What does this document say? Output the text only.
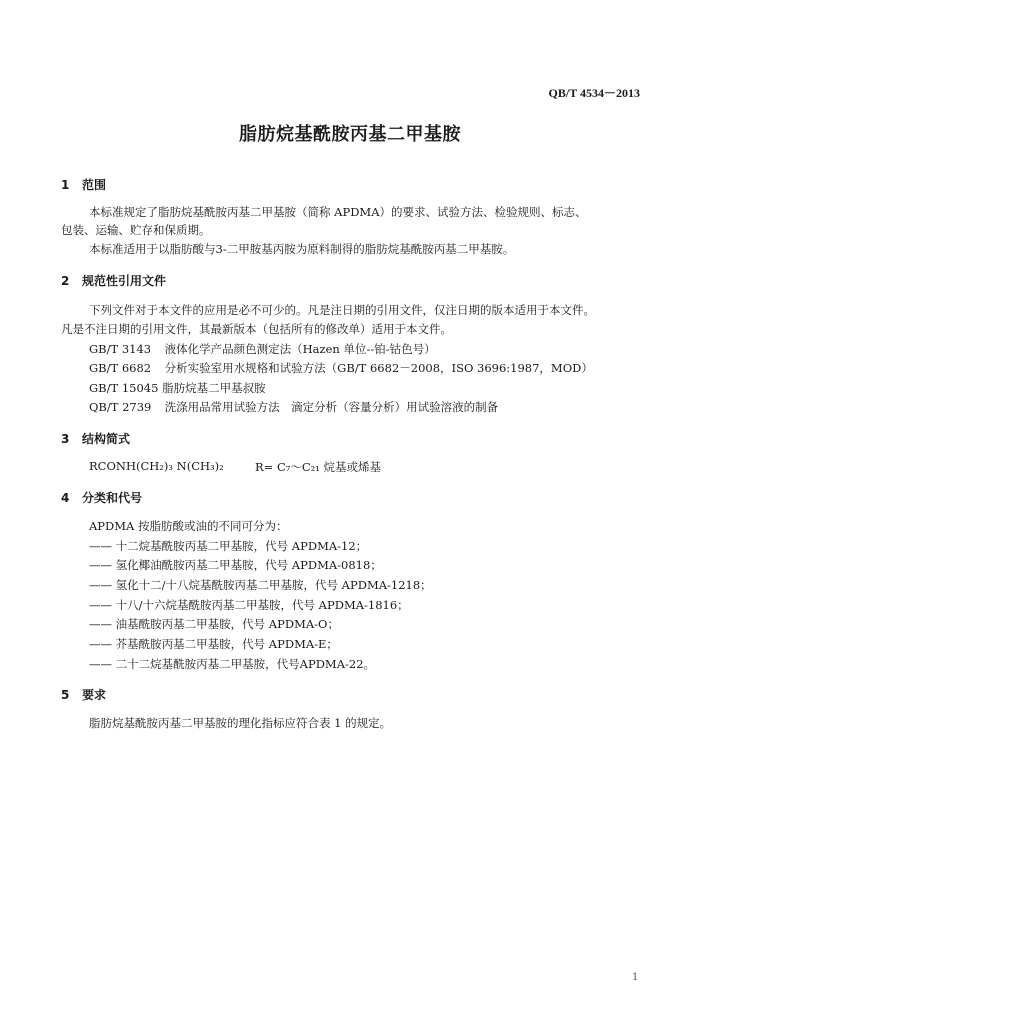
QB/T 4534－2013
脂肪烷基酰胺丙基二甲基胺
1 范围
本标准规定了脂肪烷基酰胺丙基二甲基胺（简称 APDMA）的要求、试验方法、检验规则、标志、
包装、运输、贮存和保质期。
本标准适用于以脂肪酸与3-二甲胺基丙胺为原料制得的脂肪烷基酰胺丙基二甲基胺。
2 规范性引用文件
下列文件对于本文件的应用是必不可少的。凡是注日期的引用文件，仅注日期的版本适用于本文件。
凡是不注日期的引用文件，其最新版本（包括所有的修改单）适用于本文件。
GB/T 3143 液体化学产品颜色测定法（Hazen 单位--铂-钴色号）
GB/T 6682 分析实验室用水规格和试验方法（GB/T 6682－2008，ISO 3696:1987，MOD）
GB/T 15045 脂肪烷基二甲基叔胺
QB/T 2739 洗涤用品常用试验方法　滴定分析（容量分析）用试验溶液的制备
3 结构简式
RCONH(CH₂)₃ N(CH₃)₂	R= C₇～C₂₁ 烷基或烯基
4 分类和代号
APDMA 按脂肪酸或油的不同可分为：
—— 十二烷基酰胺丙基二甲基胺，代号 APDMA-12；
—— 氢化椰油酰胺丙基二甲基胺，代号 APDMA-0818；
—— 氢化十二/十八烷基酰胺丙基二甲基胺，代号 APDMA-1218；
—— 十八/十六烷基酰胺丙基二甲基胺，代号 APDMA-1816；
—— 油基酰胺丙基二甲基胺，代号 APDMA-O；
—— 芥基酰胺丙基二甲基胺，代号 APDMA-E；
—— 二十二烷基酰胺丙基二甲基胺，代号APDMA-22。
5 要求
脂肪烷基酰胺丙基二甲基胺的理化指标应符合表 1 的规定。
1
